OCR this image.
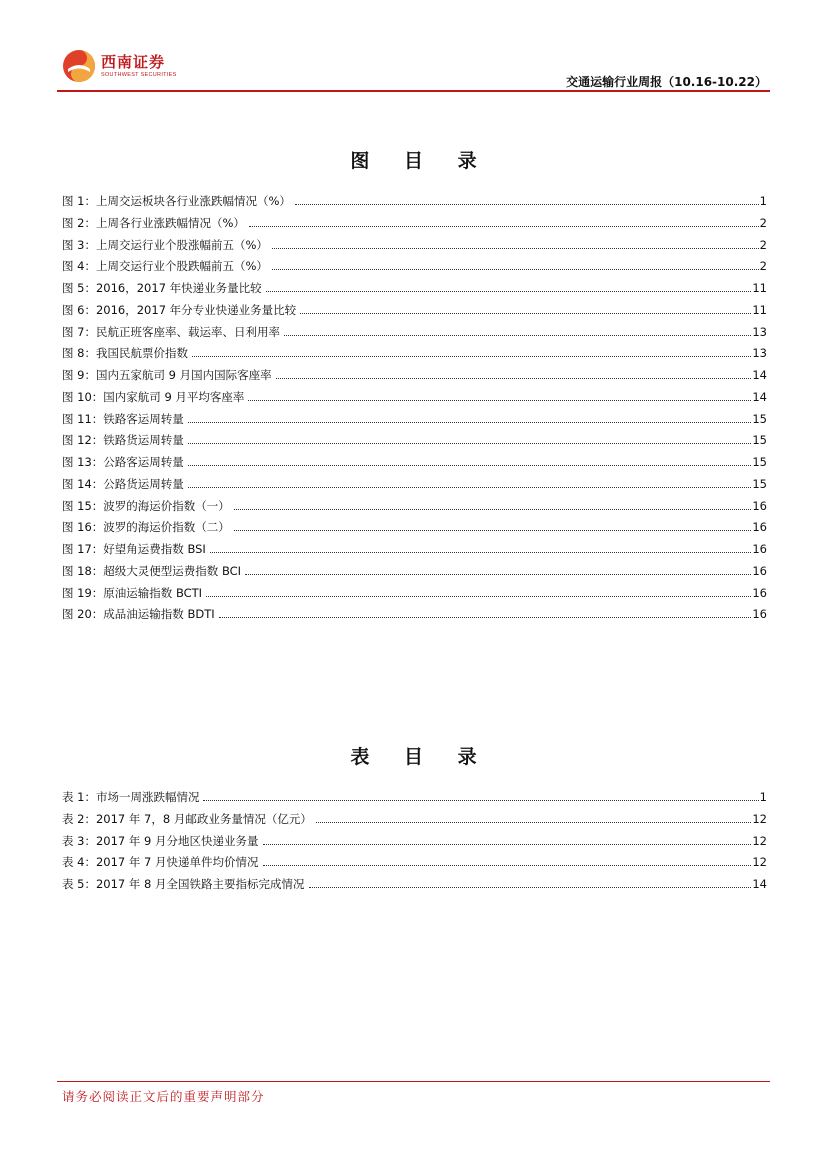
西南证券
SOUTHWEST SECURITIES
交通运输行业周报（10.16-10.22）
图 目 录
图 1：上周交运板块各行业涨跌幅情况（%）	1
图 2：上周各行业涨跌幅情况（%）	2
图 3：上周交运行业个股涨幅前五（%）	2
图 4：上周交运行业个股跌幅前五（%）	2
图 5：2016，2017 年快递业务量比较	11
图 6：2016，2017 年分专业快递业务量比较	11
图 7：民航正班客座率、载运率、日利用率	13
图 8：我国民航票价指数	13
图 9：国内五家航司 9 月国内国际客座率	14
图 10：国内家航司 9 月平均客座率	14
图 11：铁路客运周转量	15
图 12：铁路货运周转量	15
图 13：公路客运周转量	15
图 14：公路货运周转量	15
图 15：波罗的海运价指数（一）	16
图 16：波罗的海运价指数（二）	16
图 17：好望角运费指数 BSI	16
图 18：超级大灵便型运费指数 BCI	16
图 19：原油运输指数 BCTI	16
图 20：成品油运输指数 BDTI	16
表 目 录
表 1：市场一周涨跌幅情况	1
表 2：2017 年 7，8 月邮政业务量情况（亿元）	12
表 3：2017 年 9 月分地区快递业务量	12
表 4：2017 年 7 月快递单件均价情况	12
表 5：2017 年 8 月全国铁路主要指标完成情况	14
请务必阅读正文后的重要声明部分
